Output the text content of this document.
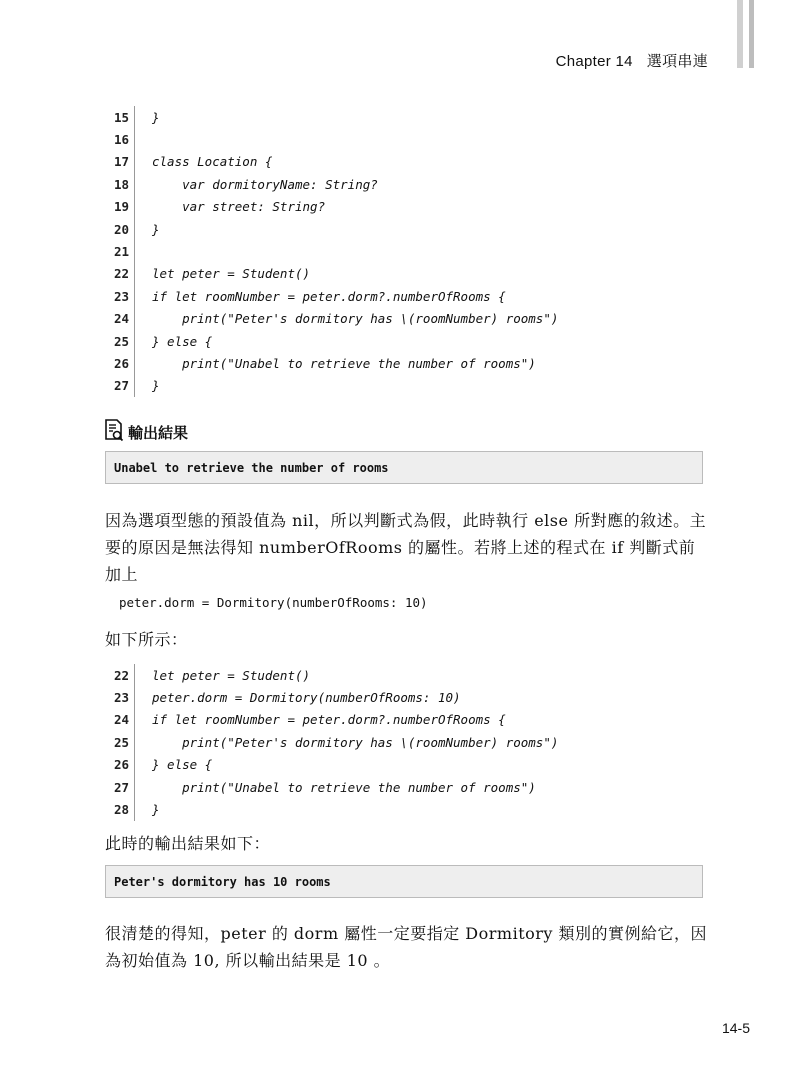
Chapter 14 選項串連
15	}
16
17	class Location {
18	var dormitoryName: String?
19	var street: String?
20	}
21
22	let peter = Student()
23	if let roomNumber = peter.dorm?.numberOfRooms {
24	print("Peter's dormitory has \(roomNumber) rooms")
25	} else {
26	print("Unabel to retrieve the number of rooms")
27	}
輸出結果
Unabel to retrieve the number of rooms
因為選項型態的預設值為 nil，所以判斷式為假，此時執行 else 所對應的敘述。主要的原因是無法得知 numberOfRooms 的屬性。若將上述的程式在 if 判斷式前加上
peter.dorm = Dormitory(numberOfRooms: 10)
如下所示：
22	let peter = Student()
23	peter.dorm = Dormitory(numberOfRooms: 10)
24	if let roomNumber = peter.dorm?.numberOfRooms {
25	print("Peter's dormitory has \(roomNumber) rooms")
26	} else {
27	print("Unabel to retrieve the number of rooms")
28	}
此時的輸出結果如下：
Peter's dormitory has 10 rooms
很清楚的得知，peter 的 dorm 屬性一定要指定 Dormitory 類別的實例給它，因為初始值為 10, 所以輸出結果是 10 。
14-5
